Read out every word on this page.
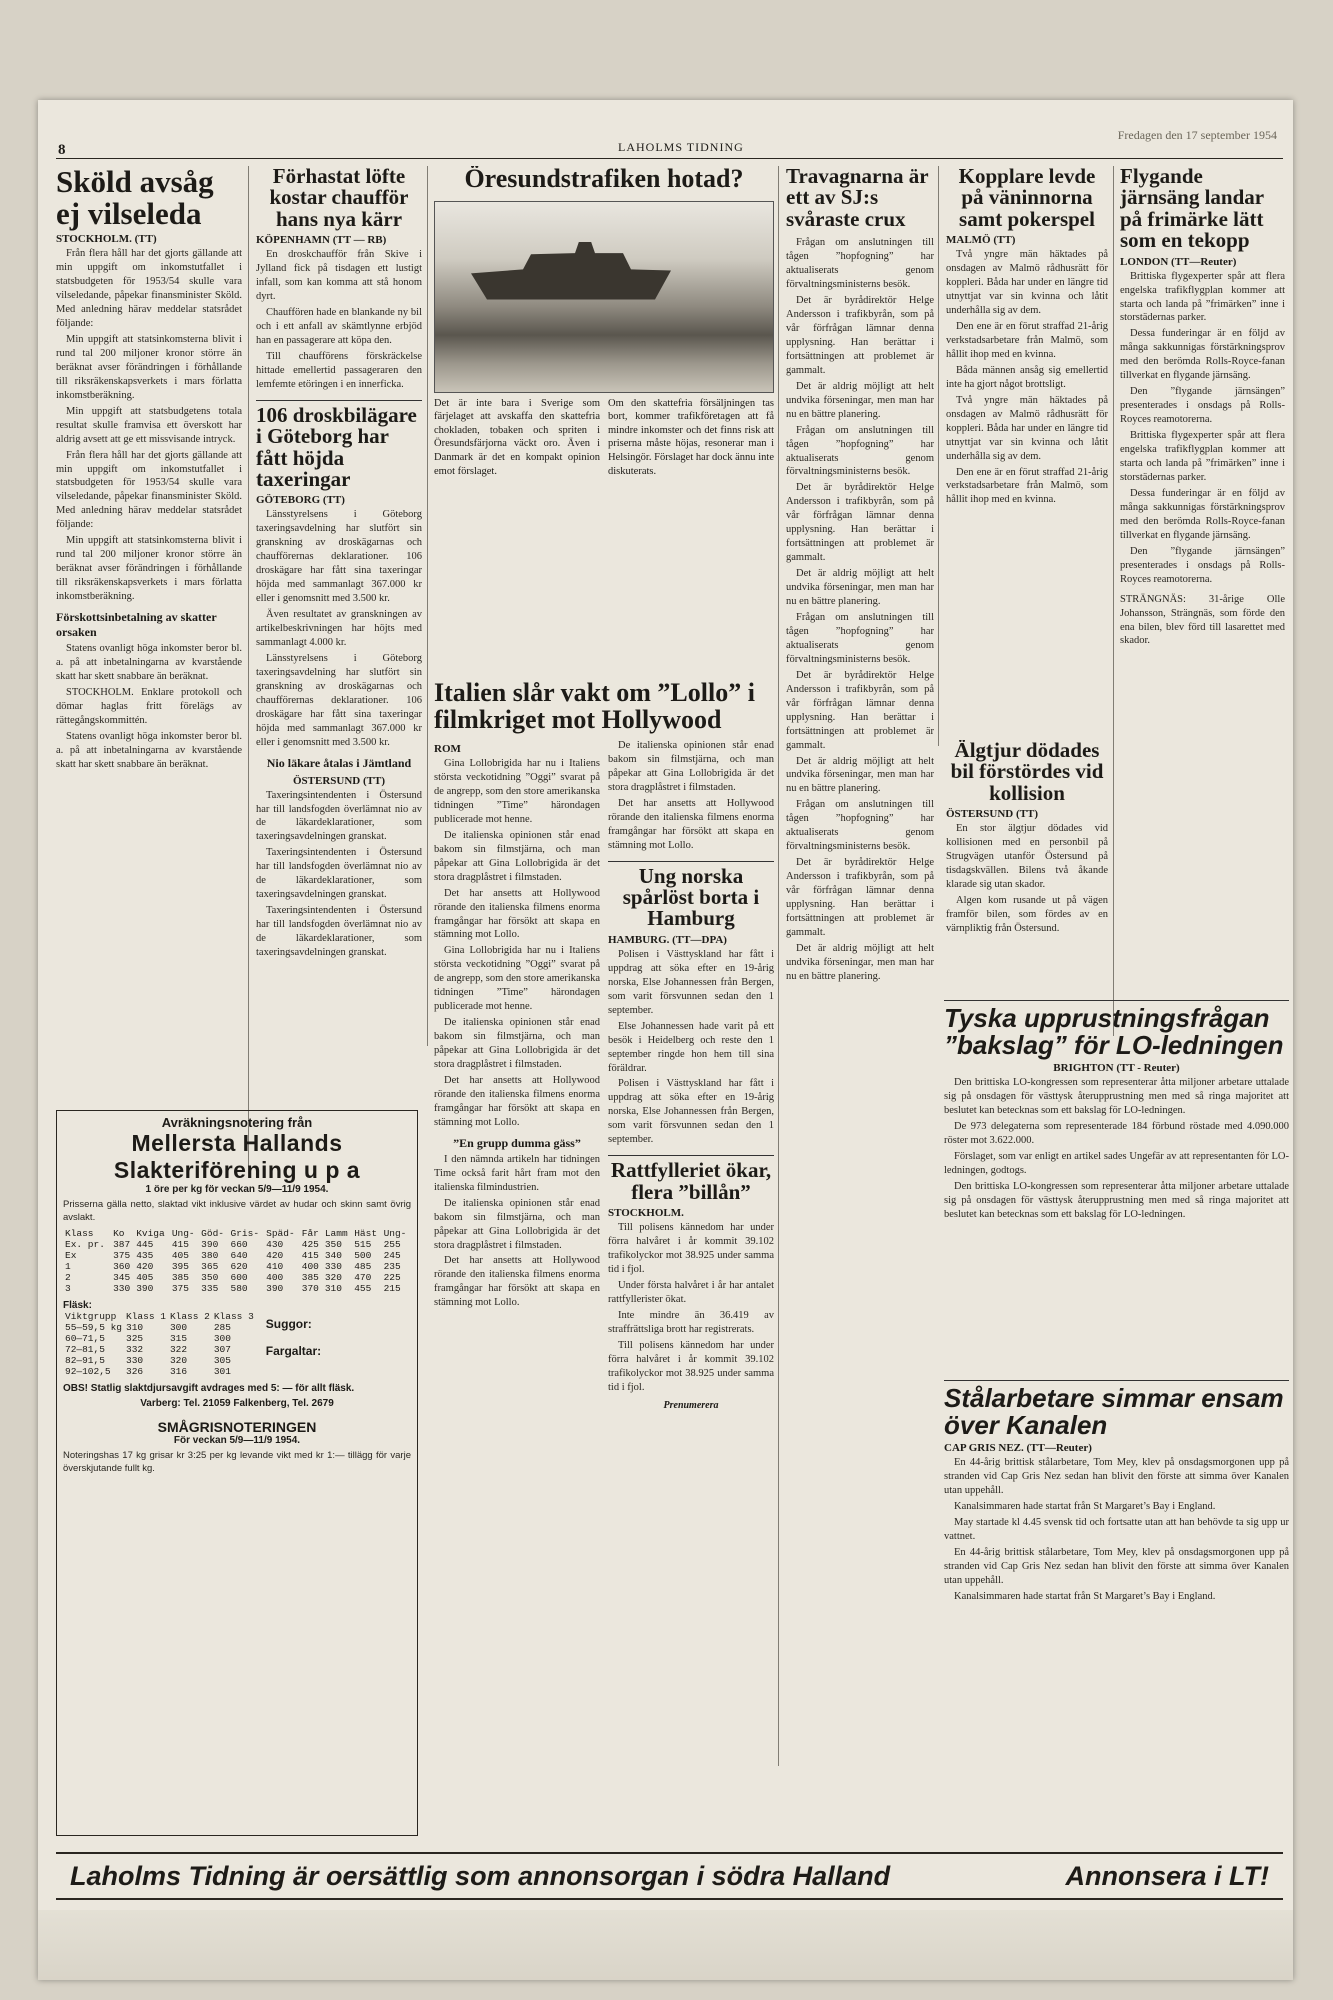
8	LAHOLMS TIDNING
Fredagen den 17 september 1954
Sköld avsåg ej vilseleda
STOCKHOLM. (TT)

Från flera håll har det gjorts gällande att min uppgift om inkomstutfallet i statsbudgeten för 1953/54 skulle vara vilseledande, påpekar finansminister Sköld. Med anledning härav meddelar statsrådet följande:

Min uppgift att statsinkomsterna blivit i rund tal 200 miljoner kronor större än beräknat avser förändringen i förhållande till riksräkenskapsverkets i mars förlatta inkomstberäkning.

Min uppgift att statsbudgetens totala resultat skulle framvisa ett överskott har aldrig avsett att ge ett missvisande intryck.

Från flera håll har det gjorts gällande att min uppgift om inkomstutfallet i statsbudgeten för 1953/54 skulle vara vilseledande, påpekar finansminister Sköld. Med anledning härav meddelar statsrådet följande:

Min uppgift att statsinkomsterna blivit i rund tal 200 miljoner kronor större än beräknat avser förändringen i förhållande till riksräkenskapsverkets i mars förlatta inkomstberäkning.

Förskottsinbetalning av skatter orsaken

Statens ovanligt höga inkomster beror bl. a. på att inbetalningarna av kvarstående skatt har skett snabbare än beräknat.

STOCKHOLM. Enklare protokoll och dömar haglas fritt förelägs av rättegångskommittén.

Statens ovanligt höga inkomster beror bl. a. på att inbetalningarna av kvarstående skatt har skett snabbare än beräknat.

Förhastat löfte kostar chaufför hans nya kärr
KÖPENHAMN (TT — RB)

En droskchaufför från Skive i Jylland fick på tisdagen ett lustigt infall, som kan komma att stå honom dyrt.

Chauffören hade en blankande ny bil och i ett anfall av skämtlynne erbjöd han en passagerare att köpa den.

Till chaufförens förskräckelse hittade emellertid passageraren den lemfemte etöringen i en innerficka.

106 droskbilägare i Göteborg har fått höjda taxeringar
GÖTEBORG (TT)

Länsstyrelsens i Göteborg taxeringsavdelning har slutfört sin granskning av droskägarnas och chaufförernas deklarationer. 106 droskägare har fått sina taxeringar höjda med sammanlagt 367.000 kr eller i genomsnitt med 3.500 kr.

Även resultatet av granskningen av artikelbeskrivningen har höjts med sammanlagt 4.000 kr.

Länsstyrelsens i Göteborg taxeringsavdelning har slutfört sin granskning av droskägarnas och chaufförernas deklarationer. 106 droskägare har fått sina taxeringar höjda med sammanlagt 367.000 kr eller i genomsnitt med 3.500 kr.

Nio läkare åtalas i Jämtland
ÖSTERSUND (TT)

Taxeringsintendenten i Östersund har till landsfogden överlämnat nio av de läkardeklarationer, som taxeringsavdelningen granskat.

Taxeringsintendenten i Östersund har till landsfogden överlämnat nio av de läkardeklarationer, som taxeringsavdelningen granskat.

Taxeringsintendenten i Östersund har till landsfogden överlämnat nio av de läkardeklarationer, som taxeringsavdelningen granskat.

Öresundstrafiken hotad?
Det är inte bara i Sverige som färjelaget att avskaffa den skattefria chokladen, tobaken och spriten i Öresundsfärjorna väckt oro. Även i Danmark är det en kompakt opinion emot förslaget.
Om den skattefria försäljningen tas bort, kommer trafikföretagen att få mindre inkomster och det finns risk att priserna måste höjas, resonerar man i Helsingör. Förslaget har dock ännu inte diskuterats.
Italien slår vakt om ”Lollo” i filmkriget mot Hollywood
ROM

Gina Lollobrigida har nu i Italiens största veckotidning ”Oggi” svarat på de angrepp, som den store amerikanska tidningen ”Time” härondagen publicerade mot henne.

De italienska opinionen står enad bakom sin filmstjärna, och man påpekar att Gina Lollobrigida är det stora dragplåstret i filmstaden.

Det har ansetts att Hollywood rörande den italienska filmens enorma framgångar har försökt att skapa en stämning mot Lollo.

Gina Lollobrigida har nu i Italiens största veckotidning ”Oggi” svarat på de angrepp, som den store amerikanska tidningen ”Time” härondagen publicerade mot henne.

De italienska opinionen står enad bakom sin filmstjärna, och man påpekar att Gina Lollobrigida är det stora dragplåstret i filmstaden.

Det har ansetts att Hollywood rörande den italienska filmens enorma framgångar har försökt att skapa en stämning mot Lollo.

”En grupp dumma gäss”

I den nämnda artikeln har tidningen Time också farit hårt fram mot den italienska filmindustrien.

De italienska opinionen står enad bakom sin filmstjärna, och man påpekar att Gina Lollobrigida är det stora dragplåstret i filmstaden.

Det har ansetts att Hollywood rörande den italienska filmens enorma framgångar har försökt att skapa en stämning mot Lollo.

De italienska opinionen står enad bakom sin filmstjärna, och man påpekar att Gina Lollobrigida är det stora dragplåstret i filmstaden.

Det har ansetts att Hollywood rörande den italienska filmens enorma framgångar har försökt att skapa en stämning mot Lollo.

Ung norska spårlöst borta i Hamburg
HAMBURG. (TT—DPA)

Polisen i Västtyskland har fått i uppdrag att söka efter en 19-årig norska, Else Johannessen från Bergen, som varit försvunnen sedan den 1 september.

Else Johannessen hade varit på ett besök i Heidelberg och reste den 1 september ringde hon hem till sina föräldrar.

Polisen i Västtyskland har fått i uppdrag att söka efter en 19-årig norska, Else Johannessen från Bergen, som varit försvunnen sedan den 1 september.

Rattfylleriet ökar, flera ”billån”
STOCKHOLM.

Till polisens kännedom har under förra halvåret i år kommit 39.102 trafikolyckor mot 38.925 under samma tid i fjol.

Under första halvåret i år har antalet rattfyllerister ökat.

Inte mindre än 36.419 av straffrättsliga brott har registrerats.

Till polisens kännedom har under förra halvåret i år kommit 39.102 trafikolyckor mot 38.925 under samma tid i fjol.

Prenumerera
Travagnarna är ett av SJ:s svåraste crux

Frågan om anslutningen till tågen ”hopfogning” har aktualiserats genom förvaltningsministerns besök.

Det är byrådirektör Helge Andersson i trafikbyrån, som på vår förfrågan lämnar denna upplysning. Han berättar i fortsättningen att problemet är gammalt.

Det är aldrig möjligt att helt undvika förseningar, men man har nu en bättre planering.

Frågan om anslutningen till tågen ”hopfogning” har aktualiserats genom förvaltningsministerns besök.

Det är byrådirektör Helge Andersson i trafikbyrån, som på vår förfrågan lämnar denna upplysning. Han berättar i fortsättningen att problemet är gammalt.

Det är aldrig möjligt att helt undvika förseningar, men man har nu en bättre planering.

Frågan om anslutningen till tågen ”hopfogning” har aktualiserats genom förvaltningsministerns besök.

Det är byrådirektör Helge Andersson i trafikbyrån, som på vår förfrågan lämnar denna upplysning. Han berättar i fortsättningen att problemet är gammalt.

Det är aldrig möjligt att helt undvika förseningar, men man har nu en bättre planering.

Frågan om anslutningen till tågen ”hopfogning” har aktualiserats genom förvaltningsministerns besök.

Det är byrådirektör Helge Andersson i trafikbyrån, som på vår förfrågan lämnar denna upplysning. Han berättar i fortsättningen att problemet är gammalt.

Det är aldrig möjligt att helt undvika förseningar, men man har nu en bättre planering.

Kopplare levde på väninnorna samt pokerspel
MALMÖ (TT)

Två yngre män häktades på onsdagen av Malmö rådhusrätt för koppleri. Båda har under en längre tid utnyttjat var sin kvinna och låtit underhålla sig av dem.

Den ene är en förut straffad 21-årig verkstadsarbetare från Malmö, som hållit ihop med en kvinna.

Båda männen ansåg sig emellertid inte ha gjort något brottsligt.

Två yngre män häktades på onsdagen av Malmö rådhusrätt för koppleri. Båda har under en längre tid utnyttjat var sin kvinna och låtit underhålla sig av dem.

Den ene är en förut straffad 21-årig verkstadsarbetare från Malmö, som hållit ihop med en kvinna.

Älgtjur dödades bil förstördes vid kollision
ÖSTERSUND (TT)

En stor älgtjur dödades vid kollisionen med en personbil på Strugvägen utanför Östersund på tisdagskvällen. Bilens två åkande klarade sig utan skador.

Algen kom rusande ut på vägen framför bilen, som fördes av en värnpliktig från Östersund.

Flygande järnsäng landar på frimärke lätt som en tekopp
LONDON (TT—Reuter)

Brittiska flygexperter spår att flera engelska trafikflygplan kommer att starta och landa på ”frimärken” inne i storstädernas parker.

Dessa funderingar är en följd av många sakkunnigas förstärkningsprov med den berömda Rolls-Royce-fanan tillverkat en flygande järnsäng.

Den ”flygande järnsängen” presenterades i onsdags på Rolls-Royces reamotorerna.

Brittiska flygexperter spår att flera engelska trafikflygplan kommer att starta och landa på ”frimärken” inne i storstädernas parker.

Dessa funderingar är en följd av många sakkunnigas förstärkningsprov med den berömda Rolls-Royce-fanan tillverkat en flygande järnsäng.

Den ”flygande järnsängen” presenterades i onsdags på Rolls-Royces reamotorerna.

STRÄNGNÄS: 31-årige Olle Johansson, Strängnäs, som förde den ena bilen, blev förd till lasarettet med skador.
Tyska upprustningsfrågan ”bakslag” för LO-ledningen
BRIGHTON (TT - Reuter)

Den brittiska LO-kongressen som representerar åtta miljoner arbetare uttalade sig på onsdagen för västtysk återupprustning men med så ringa majoritet att beslutet kan betecknas som ett bakslag för LO-ledningen.

De 973 delegaterna som representerade 184 förbund röstade med 4.090.000 röster mot 3.622.000.

Förslaget, som var enligt en artikel sades Ungefär av att representanten för LO-ledningen, godtogs.

Den brittiska LO-kongressen som representerar åtta miljoner arbetare uttalade sig på onsdagen för västtysk återupprustning men med så ringa majoritet att beslutet kan betecknas som ett bakslag för LO-ledningen.

Stålarbetare simmar ensam över Kanalen
CAP GRIS NEZ. (TT—Reuter)

En 44-årig brittisk stålarbetare, Tom Mey, klev på onsdagsmorgonen upp på stranden vid Cap Gris Nez sedan han blivit den förste att simma över Kanalen utan uppehåll.

Kanalsimmaren hade startat från St Margaret’s Bay i England.

May startade kl 4.45 svensk tid och fortsatte utan att han behövde ta sig upp ur vattnet.

En 44-årig brittisk stålarbetare, Tom Mey, klev på onsdagsmorgonen upp på stranden vid Cap Gris Nez sedan han blivit den förste att simma över Kanalen utan uppehåll.

Kanalsimmaren hade startat från St Margaret’s Bay i England.

Avräkningsnotering från
Mellersta Hallands Slakteriförening u p a
1 öre per kg för veckan 5/9—11/9 1954.
Prisserna gälla netto, slaktad vikt inklusive värdet av hudar och skinn samt övrig avslakt.
Klass	Ko	Kviga	Ung-	Göd-	Gris-	Späd-	Får	Lamm	Häst	Ung-
Ex. pr.	387	445	415	390	660	430	425	350	515	255
Ex	375	435	405	380	640	420	415	340	500	245
1	360	420	395	365	620	410	400	330	485	235
2	345	405	385	350	600	400	385	320	470	225
3	330	390	375	335	580	390	370	310	455	215
Fläsk:
Viktgrupp	Klass 1	Klass 2	Klass 3
55—59,5 kg	310	300	285
60—71,5	325	315	300
72—81,5	332	322	307
82—91,5	330	320	305
92—102,5	326	316	301
Suggor:
Fargaltar:
OBS! Statlig slaktdjursavgift avdrages med 5: — för allt fläsk.
Varberg: Tel. 21059 Falkenberg, Tel. 2679
SMÅGRISNOTERINGEN
För veckan 5/9—11/9 1954.
Noteringshas 17 kg grisar kr 3:25 per kg levande vikt med kr 1:— tillägg för varje överskjutande fullt kg.
Laholms Tidning är oersättlig som annonsorgan i södra Halland	Annonsera i LT!
